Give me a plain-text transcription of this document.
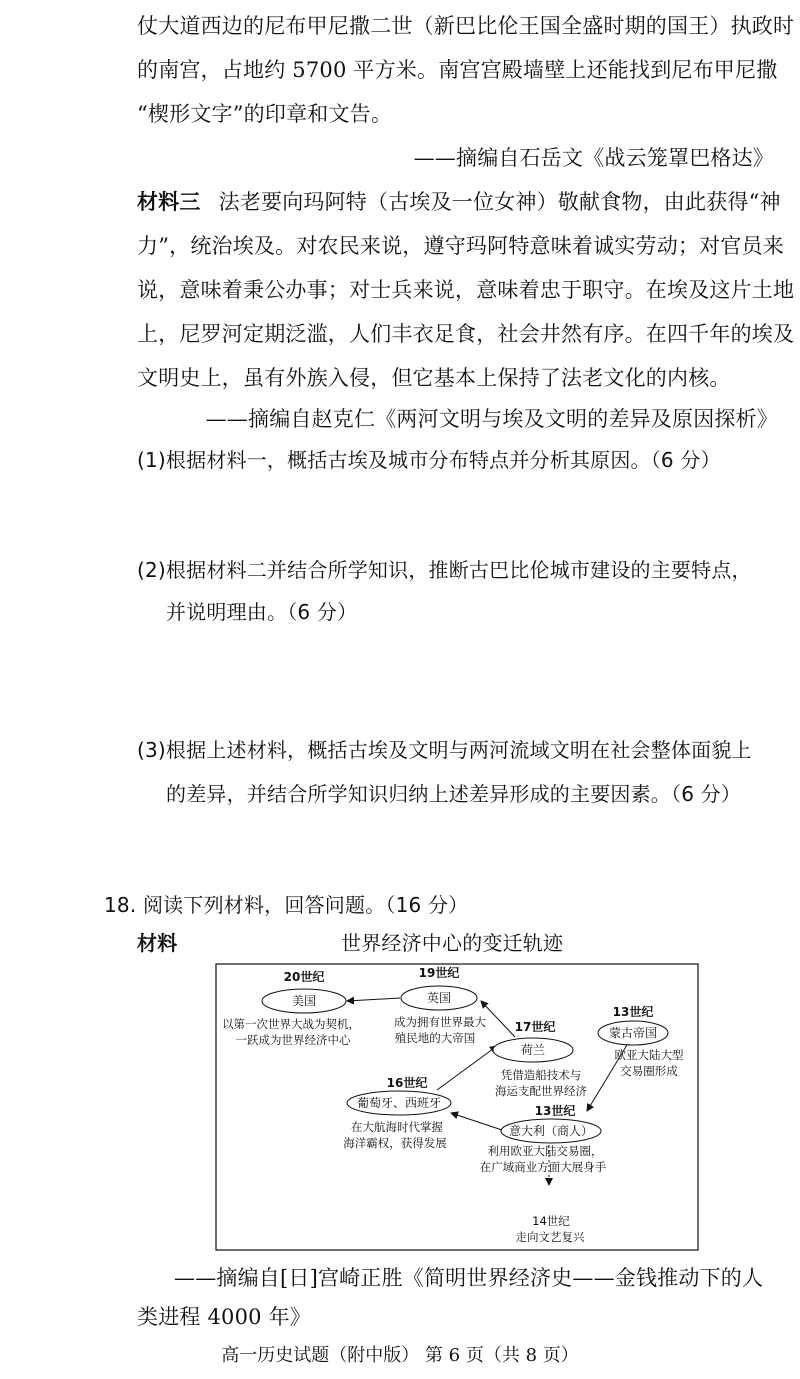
仗大道西边的尼布甲尼撒二世（新巴比伦王国全盛时期的国王）执政时
的南宫，占地约 5700 平方米。南宫宫殿墙壁上还能找到尼布甲尼撒
“楔形文字”的印章和文告。
——摘编自石岳文《战云笼罩巴格达》
材料三 法老要向玛阿特（古埃及一位女神）敬献食物，由此获得“神
力”，统治埃及。对农民来说，遵守玛阿特意味着诚实劳动；对官员来
说，意味着秉公办事；对士兵来说，意味着忠于职守。在埃及这片土地
上，尼罗河定期泛滥，人们丰衣足食，社会井然有序。在四千年的埃及
文明史上，虽有外族入侵，但它基本上保持了法老文化的内核。
——摘编自赵克仁《两河文明与埃及文明的差异及原因探析》
(1)根据材料一，概括古埃及城市分布特点并分析其原因。（6 分）
(2)根据材料二并结合所学知识，推断古巴比伦城市建设的主要特点，
并说明理由。（6 分）
(3)根据上述材料，概括古埃及文明与两河流域文明在社会整体面貌上
的差异，并结合所学知识归纳上述差异形成的主要因素。（6 分）
18. 阅读下列材料，回答问题。（16 分）
材料	世界经济中心的变迁轨迹
20世纪
美国
以第一次世界大战为契机，
一跃成为世界经济中心
19世纪
英国
成为拥有世界最大
殖民地的大帝国
17世纪
荷兰
凭借造船技术与
海运支配世界经济
13世纪
蒙古帝国
欧亚大陆大型
交易圈形成
16世纪
葡萄牙、西班牙
在大航海时代掌握
海洋霸权，获得发展
13世纪
意大利（商人）
利用欧亚大陆交易圈，
在广域商业方面大展身手
14世纪
走向文艺复兴
——摘编自[日]宫崎正胜《简明世界经济史——金钱推动下的人
类进程 4000 年》
高一历史试题（附中版） 第 6 页（共 8 页）
